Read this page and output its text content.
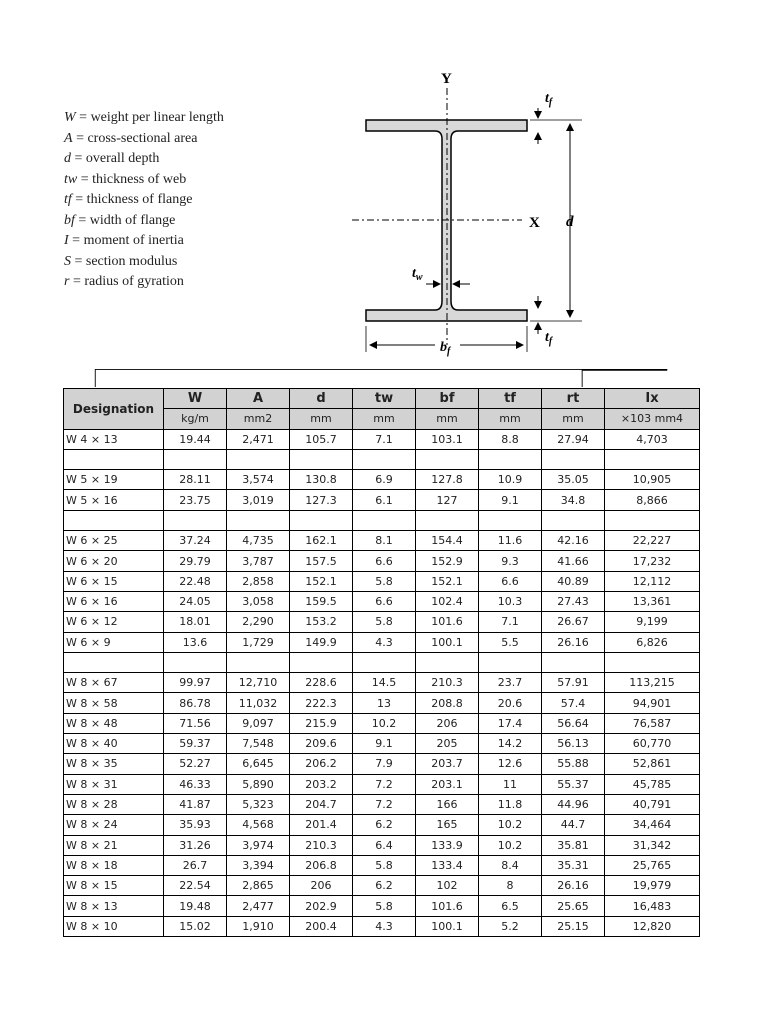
W = weight per linear length
A = cross-sectional area
d = overall depth
tw = thickness of web
tf = thickness of flange
bf = width of flange
I = moment of inertia
S = section modulus
r = radius of gyration
Y
X d
$t_f$
$t_f$
$t_w$
$b_f$
Designation	W	A	d	tw	bf	tf	rt	Ix
	kg/m	mm2	mm	mm	mm	mm	mm	×103 mm4
W 4 × 13	19.44	2,471	105.7	7.1	103.1	8.8	27.94	4,703

W 5 × 19	28.11	3,574	130.8	6.9	127.8	10.9	35.05	10,905
W 5 × 16	23.75	3,019	127.3	6.1	127	9.1	34.8	8,866

W 6 × 25	37.24	4,735	162.1	8.1	154.4	11.6	42.16	22,227
W 6 × 20	29.79	3,787	157.5	6.6	152.9	9.3	41.66	17,232
W 6 × 15	22.48	2,858	152.1	5.8	152.1	6.6	40.89	12,112
W 6 × 16	24.05	3,058	159.5	6.6	102.4	10.3	27.43	13,361
W 6 × 12	18.01	2,290	153.2	5.8	101.6	7.1	26.67	9,199
W 6 × 9	13.6	1,729	149.9	4.3	100.1	5.5	26.16	6,826

W 8 × 67	99.97	12,710	228.6	14.5	210.3	23.7	57.91	113,215
W 8 × 58	86.78	11,032	222.3	13	208.8	20.6	57.4	94,901
W 8 × 48	71.56	9,097	215.9	10.2	206	17.4	56.64	76,587
W 8 × 40	59.37	7,548	209.6	9.1	205	14.2	56.13	60,770
W 8 × 35	52.27	6,645	206.2	7.9	203.7	12.6	55.88	52,861
W 8 × 31	46.33	5,890	203.2	7.2	203.1	11	55.37	45,785
W 8 × 28	41.87	5,323	204.7	7.2	166	11.8	44.96	40,791
W 8 × 24	35.93	4,568	201.4	6.2	165	10.2	44.7	34,464
W 8 × 21	31.26	3,974	210.3	6.4	133.9	10.2	35.81	31,342
W 8 × 18	26.7	3,394	206.8	5.8	133.4	8.4	35.31	25,765
W 8 × 15	22.54	2,865	206	6.2	102	8	26.16	19,979
W 8 × 13	19.48	2,477	202.9	5.8	101.6	6.5	25.65	16,483
W 8 × 10	15.02	1,910	200.4	4.3	100.1	5.2	25.15	12,820
